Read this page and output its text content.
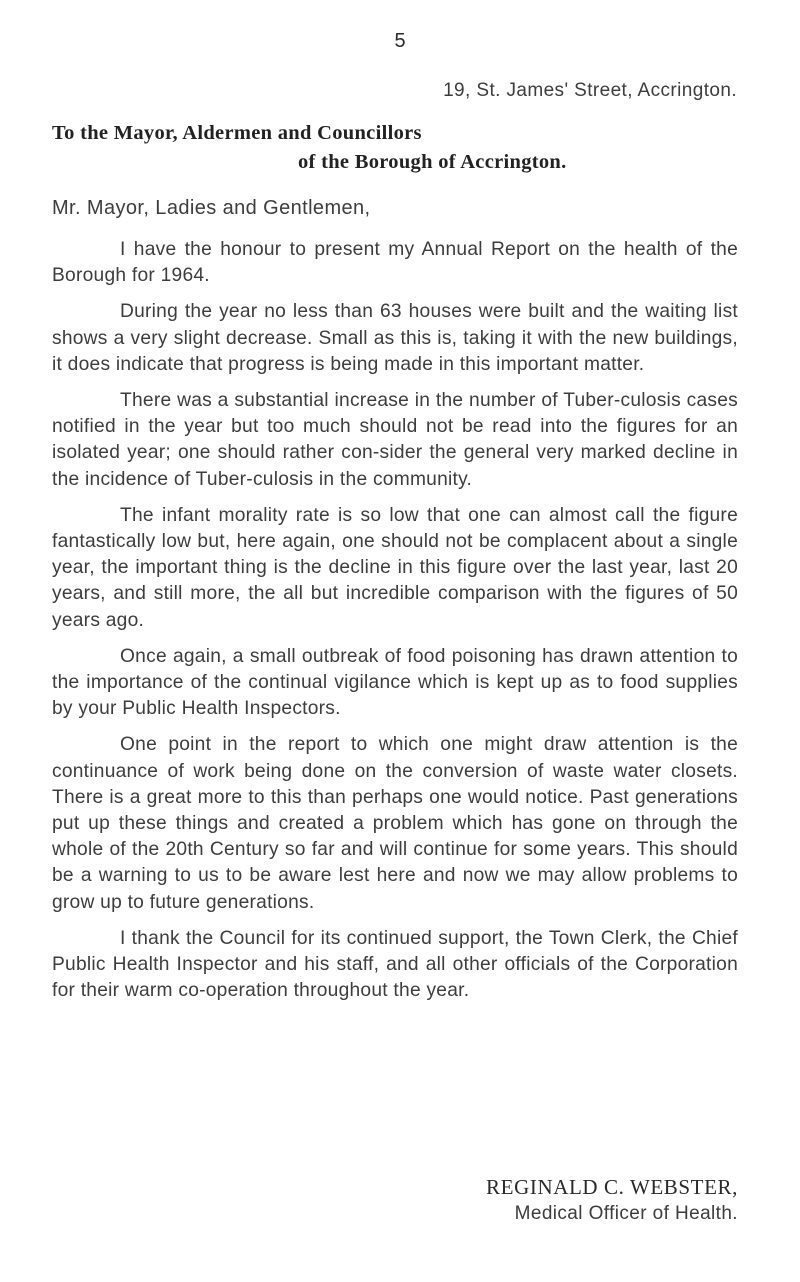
5
19, St. James' Street, Accrington.
To the Mayor, Aldermen and Councillors
of the Borough of Accrington.
Mr. Mayor, Ladies and Gentlemen,

I have the honour to present my Annual Report on the health of the Borough for 1964.

During the year no less than 63 houses were built and the waiting list shows a very slight decrease. Small as this is, taking it with the new buildings, it does indicate that progress is being made in this important matter.

There was a substantial increase in the number of Tuber-culosis cases notified in the year but too much should not be read into the figures for an isolated year; one should rather con-sider the general very marked decline in the incidence of Tuber-culosis in the community.

The infant morality rate is so low that one can almost call the figure fantastically low but, here again, one should not be complacent about a single year, the important thing is the decline in this figure over the last year, last 20 years, and still more, the all but incredible comparison with the figures of 50 years ago.

Once again, a small outbreak of food poisoning has drawn attention to the importance of the continual vigilance which is kept up as to food supplies by your Public Health Inspectors.

One point in the report to which one might draw attention is the continuance of work being done on the conversion of waste water closets. There is a great more to this than perhaps one would notice. Past generations put up these things and created a problem which has gone on through the whole of the 20th Century so far and will continue for some years. This should be a warning to us to be aware lest here and now we may allow problems to grow up to future generations.

I thank the Council for its continued support, the Town Clerk, the Chief Public Health Inspector and his staff, and all other officials of the Corporation for their warm co-operation throughout the year.

REGINALD C. WEBSTER,
Medical Officer of Health.
